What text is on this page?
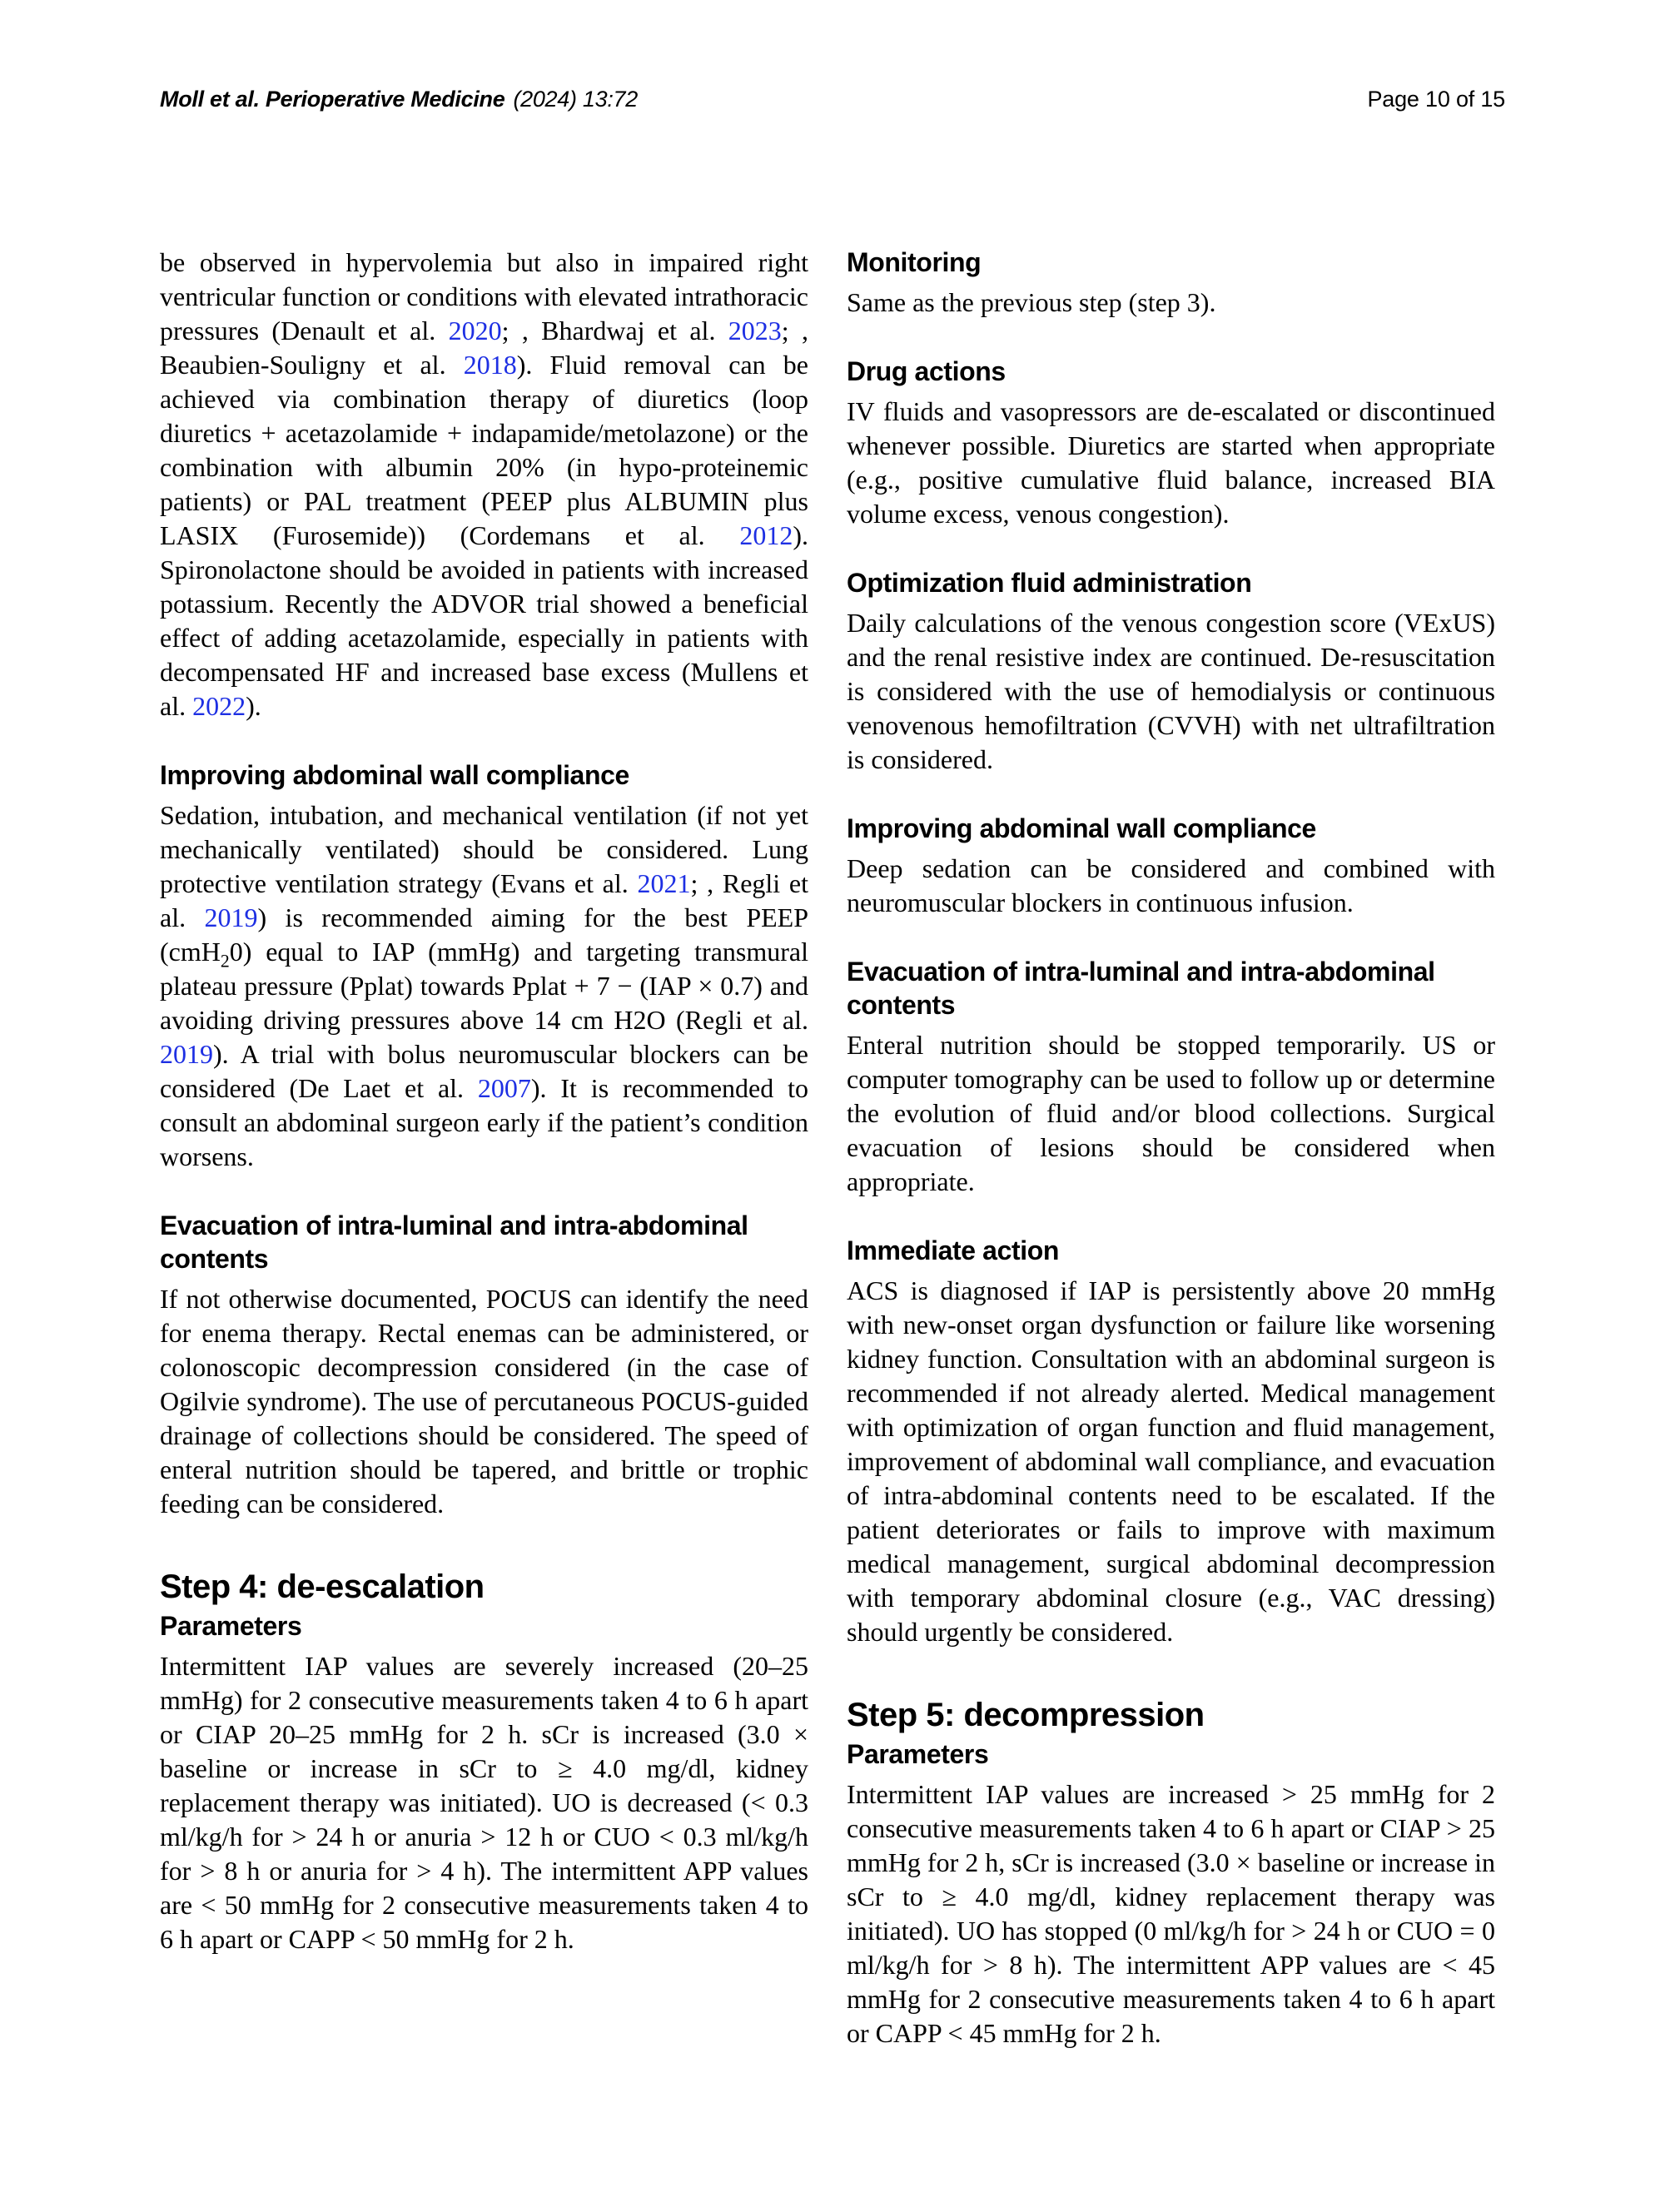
Moll et al. Perioperative Medicine (2024) 13:72	Page 10 of 15

be observed in hypervolemia but also in impaired right ventricular function or conditions with elevated intrathoracic pressures (Denault et al. 2020; , Bhardwaj et al. 2023; , Beaubien-Souligny et al. 2018). Fluid removal can be achieved via combination therapy of diuretics (loop diuretics + acetazolamide + indapamide/metolazone) or the combination with albumin 20% (in hypo-proteinemic patients) or PAL treatment (PEEP plus ALBUMIN plus LASIX (Furosemide)) (Cordemans et al. 2012). Spironolactone should be avoided in patients with increased potassium. Recently the ADVOR trial showed a beneficial effect of adding acetazolamide, especially in patients with decompensated HF and increased base excess (Mullens et al. 2022).

Improving abdominal wall compliance

Sedation, intubation, and mechanical ventilation (if not yet mechanically ventilated) should be considered. Lung protective ventilation strategy (Evans et al. 2021; , Regli et al. 2019) is recommended aiming for the best PEEP (cmH$_2$0) equal to IAP (mmHg) and targeting transmural plateau pressure (Pplat) towards Pplat + 7 − (IAP × 0.7) and avoiding driving pressures above 14 cm H2O (Regli et al. 2019). A trial with bolus neuromuscular blockers can be considered (De Laet et al. 2007). It is recommended to consult an abdominal surgeon early if the patient’s condition worsens.

Evacuation of intra-luminal and intra-abdominal contents

If not otherwise documented, POCUS can identify the need for enema therapy. Rectal enemas can be administered, or colonoscopic decompression considered (in the case of Ogilvie syndrome). The use of percutaneous POCUS-guided drainage of collections should be considered. The speed of enteral nutrition should be tapered, and brittle or trophic feeding can be considered.

Step 4: de-escalation
Parameters

Intermittent IAP values are severely increased (20–25 mmHg) for 2 consecutive measurements taken 4 to 6 h apart or CIAP 20–25 mmHg for 2 h. sCr is increased (3.0 × baseline or increase in sCr to ≥ 4.0 mg/dl, kidney replacement therapy was initiated). UO is decreased (< 0.3 ml/kg/h for > 24 h or anuria > 12 h or CUO < 0.3 ml/kg/h for > 8 h or anuria for > 4 h). The intermittent APP values are < 50 mmHg for 2 consecutive measurements taken 4 to 6 h apart or CAPP < 50 mmHg for 2 h.

Monitoring

Same as the previous step (step 3).

Drug actions

IV fluids and vasopressors are de-escalated or discontinued whenever possible. Diuretics are started when appropriate (e.g., positive cumulative fluid balance, increased BIA volume excess, venous congestion).

Optimization fluid administration

Daily calculations of the venous congestion score (VExUS) and the renal resistive index are continued. De-resuscitation is considered with the use of hemodialysis or continuous venovenous hemofiltration (CVVH) with net ultrafiltration is considered.

Improving abdominal wall compliance

Deep sedation can be considered and combined with neuromuscular blockers in continuous infusion.

Evacuation of intra-luminal and intra-abdominal contents

Enteral nutrition should be stopped temporarily. US or computer tomography can be used to follow up or determine the evolution of fluid and/or blood collections. Surgical evacuation of lesions should be considered when appropriate.

Immediate action

ACS is diagnosed if IAP is persistently above 20 mmHg with new-onset organ dysfunction or failure like worsening kidney function. Consultation with an abdominal surgeon is recommended if not already alerted. Medical management with optimization of organ function and fluid management, improvement of abdominal wall compliance, and evacuation of intra-abdominal contents need to be escalated. If the patient deteriorates or fails to improve with maximum medical management, surgical abdominal decompression with temporary abdominal closure (e.g., VAC dressing) should urgently be considered.

Step 5: decompression
Parameters

Intermittent IAP values are increased > 25 mmHg for 2 consecutive measurements taken 4 to 6 h apart or CIAP > 25 mmHg for 2 h, sCr is increased (3.0 × baseline or increase in sCr to ≥ 4.0 mg/dl, kidney replacement therapy was initiated). UO has stopped (0 ml/kg/h for > 24 h or CUO = 0 ml/kg/h for > 8 h). The intermittent APP values are < 45 mmHg for 2 consecutive measurements taken 4 to 6 h apart or CAPP < 45 mmHg for 2 h.
